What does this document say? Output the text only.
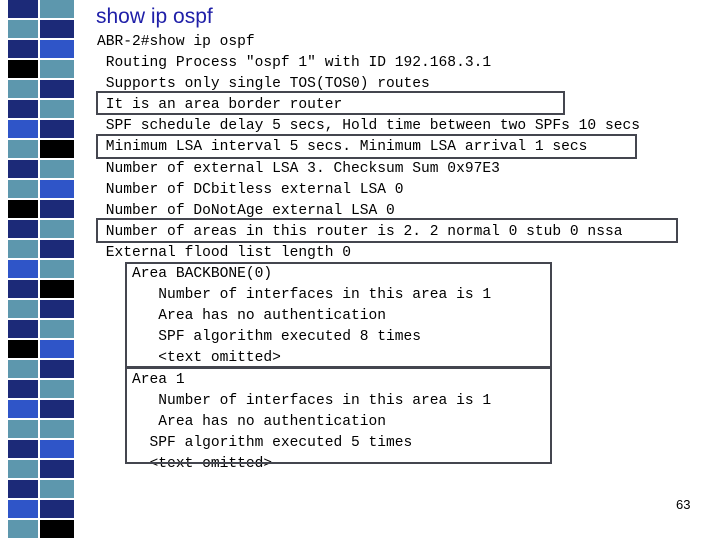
show ip ospf
ABR-2#show ip ospf
Routing Process "ospf 1" with ID 192.168.3.1
Supports only single TOS(TOS0) routes
It is an area border router
SPF schedule delay 5 secs, Hold time between two SPFs 10 secs
Minimum LSA interval 5 secs. Minimum LSA arrival 1 secs
Number of external LSA 3. Checksum Sum 0x97E3
Number of DCbitless external LSA 0
Number of DoNotAge external LSA 0
Number of areas in this router is 2. 2 normal 0 stub 0 nssa
External flood list length 0
Area BACKBONE(0)
Number of interfaces in this area is 1
Area has no authentication
SPF algorithm executed 8 times
<text omitted>
Area 1
Number of interfaces in this area is 1
Area has no authentication
SPF algorithm executed 5 times
<text omitted>
63
